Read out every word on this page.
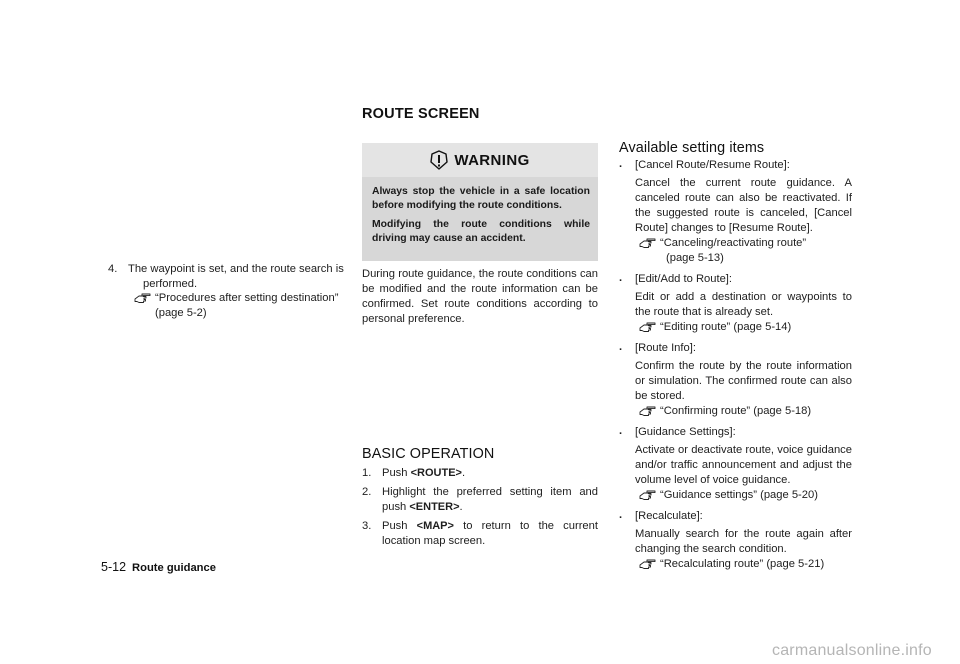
4. The waypoint is set, and the route search is
performed.
“Procedures after setting destination”
(page 5-2)
ROUTE SCREEN
WARNING

Always stop the vehicle in a safe location before modifying the route conditions.

Modifying the route conditions while driving may cause an accident.

During route guidance, the route conditions can be modified and the route information can be confirmed. Set route conditions according to personal preference.
BASIC OPERATION
1. Push <ROUTE>.
2. Highlight the preferred setting item and push <ENTER>.
3. Push <MAP> to return to the current location map screen.
Available setting items
. [Cancel Route/Resume Route]:
Cancel the current route guidance. A canceled route can also be reactivated. If the suggested route is canceled, [Cancel Route] changes to [Resume Route].
“Canceling/reactivating route”
(page 5-13)
. [Edit/Add to Route]:
Edit or add a destination or waypoints to the route that is already set.
“Editing route” (page 5-14)
. [Route Info]:
Confirm the route by the route information or simulation. The confirmed route can also be stored.
“Confirming route” (page 5-18)
. [Guidance Settings]:
Activate or deactivate route, voice guidance and/or traffic announcement and adjust the volume level of voice guidance.
“Guidance settings” (page 5-20)
. [Recalculate]:
Manually search for the route again after changing the search condition.
“Recalculating route” (page 5-21)
5-12 Route guidance
carmanualsonline.info
